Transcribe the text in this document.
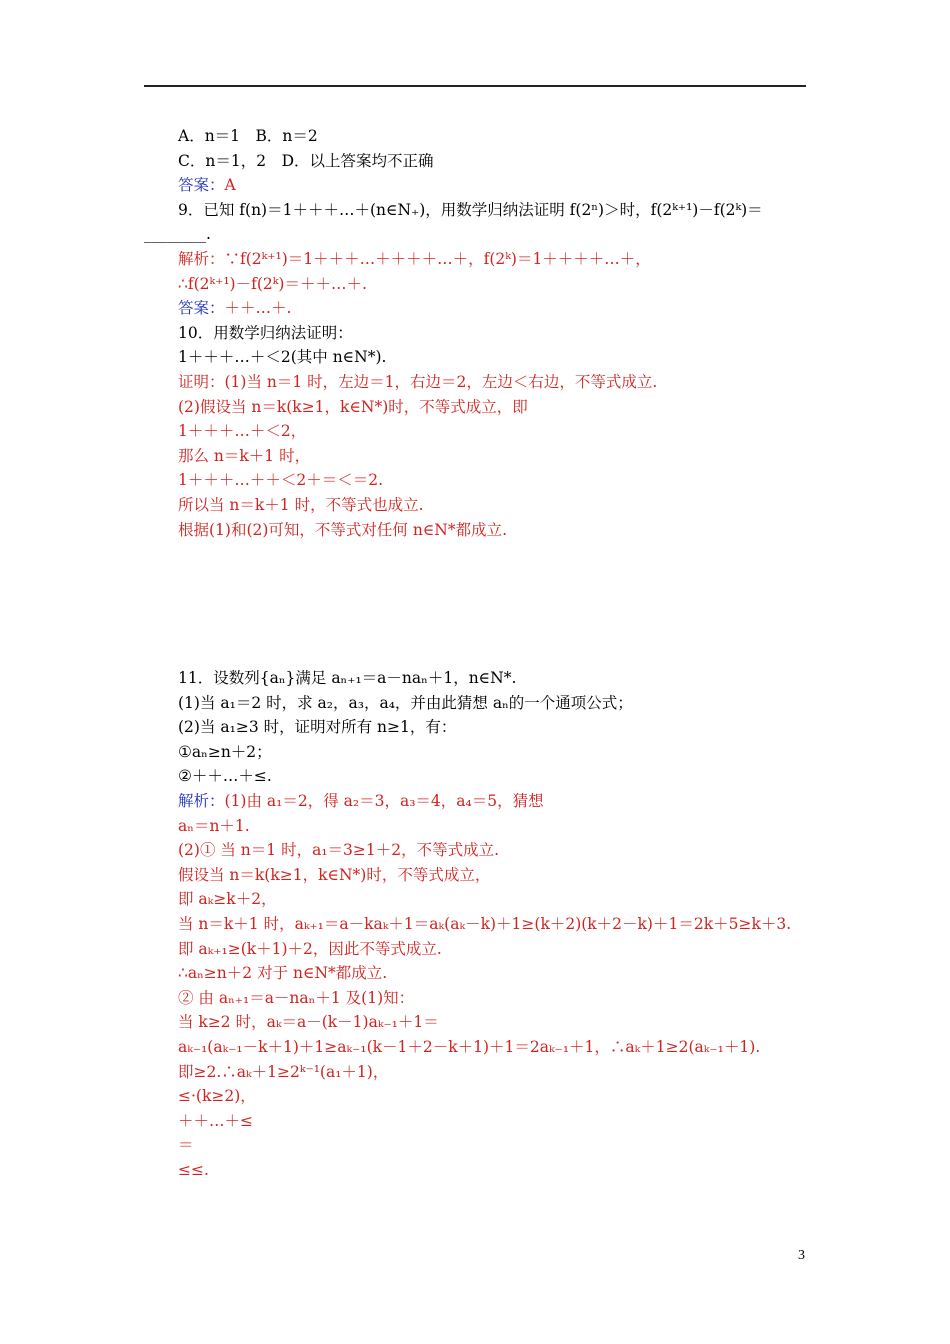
A．n＝1　B．n＝2
C．n＝1，2　D．以上答案均不正确
答案：A
9．已知 f(n)＝1＋＋＋…＋(n∈N₊)，用数学归纳法证明 f(2ⁿ)＞时，f(2ᵏ⁺¹)－f(2ᵏ)＝
________.
解析：∵f(2ᵏ⁺¹)＝1＋＋＋…＋＋＋＋…＋，f(2ᵏ)＝1＋＋＋＋…＋，
∴f(2ᵏ⁺¹)－f(2ᵏ)＝＋＋…＋.
答案：＋＋…＋.
10．用数学归纳法证明：
1＋＋＋…＋＜2(其中 n∈N*).
证明：(1)当 n＝1 时，左边＝1，右边＝2，左边＜右边，不等式成立.
(2)假设当 n＝k(k≥1，k∈N*)时，不等式成立，即
1＋＋＋…＋＜2，
那么 n＝k＋1 时，
1＋＋＋…＋＋＜2＋＝＜＝2.
所以当 n＝k＋1 时，不等式也成立.
根据(1)和(2)可知，不等式对任何 n∈N*都成立.
11．设数列{aₙ}满足 aₙ₊₁＝a－naₙ＋1，n∈N*.
(1)当 a₁＝2 时，求 a₂，a₃，a₄，并由此猜想 aₙ的一个通项公式；
(2)当 a₁≥3 时，证明对所有 n≥1，有：
①aₙ≥n＋2；
②＋＋…＋≤.
解析：(1)由 a₁＝2，得 a₂＝3，a₃＝4，a₄＝5，猜想
aₙ＝n＋1.
(2)① 当 n＝1 时，a₁＝3≥1＋2，不等式成立.
假设当 n＝k(k≥1，k∈N*)时，不等式成立，
即 aₖ≥k＋2，
当 n＝k＋1 时，aₖ₊₁＝a－kaₖ＋1＝aₖ(aₖ－k)＋1≥(k＋2)(k＋2－k)＋1＝2k＋5≥k＋3.
即 aₖ₊₁≥(k＋1)＋2，因此不等式成立.
∴aₙ≥n＋2 对于 n∈N*都成立.
② 由 aₙ₊₁＝a－naₙ＋1 及(1)知：
当 k≥2 时，aₖ＝a－(k－1)aₖ₋₁＋1＝
aₖ₋₁(aₖ₋₁－k＋1)＋1≥aₖ₋₁(k－1＋2－k＋1)＋1＝2aₖ₋₁＋1，∴aₖ＋1≥2(aₖ₋₁＋1).
即≥2.∴aₖ＋1≥2ᵏ⁻¹(a₁＋1)，
≤·(k≥2)，
＋＋…＋≤
＝
≤≤.
3
